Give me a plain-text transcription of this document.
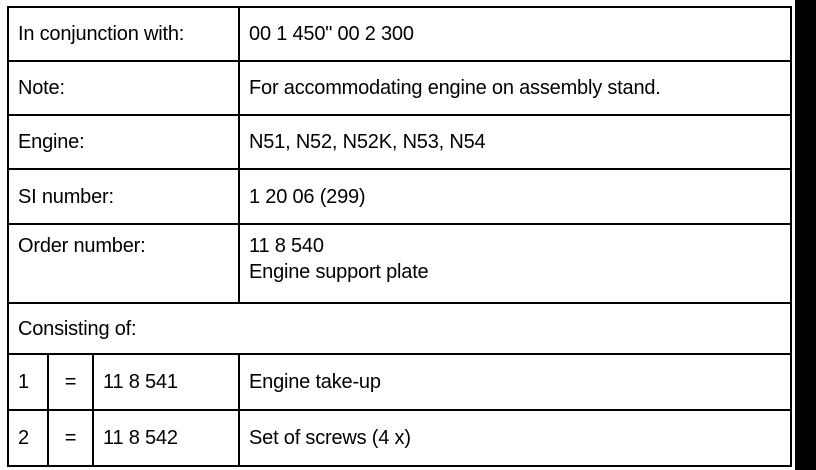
In conjunction with:			00 1 450" 00 2 300
Note:			For accommodating engine on assembly stand.
Engine:			N51, N52, N52K, N53, N54
SI number:			1 20 06 (299)
Order number:			11 8 540
Engine support plate

Consisting of:			
1	=	11 8 541	Engine take-up
2	=	11 8 542	Set of screws (4 x)
